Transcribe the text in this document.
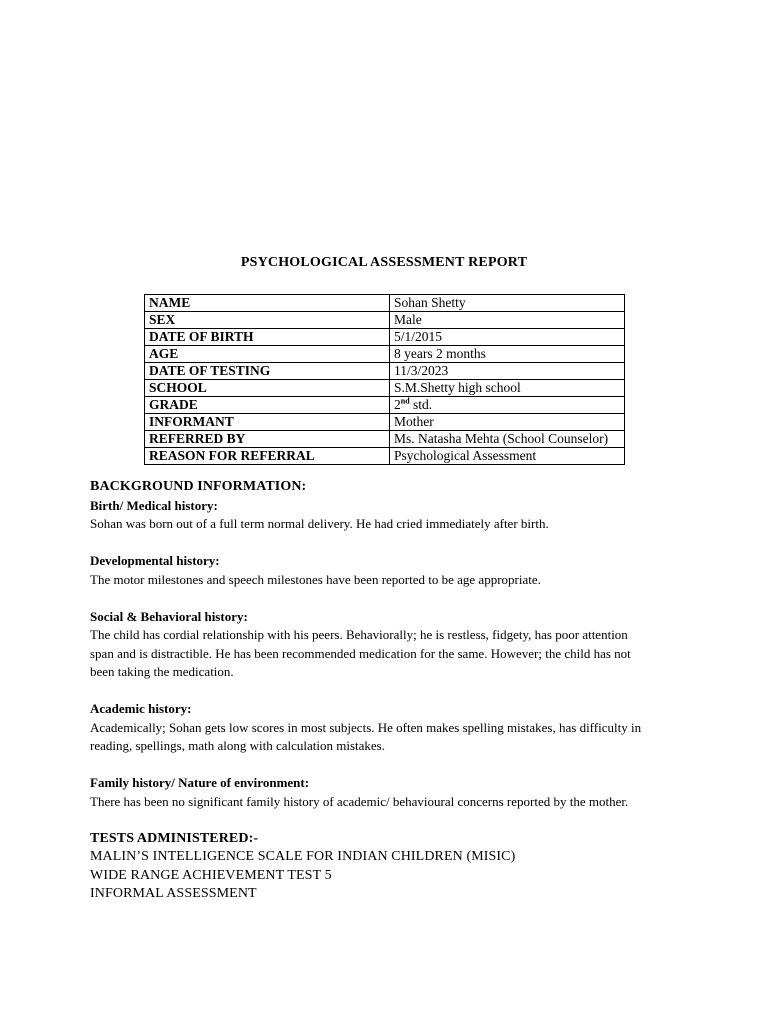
PSYCHOLOGICAL ASSESSMENT REPORT
NAME	Sohan Shetty
SEX	Male
DATE OF BIRTH	5/1/2015
AGE	8 years 2 months
DATE OF TESTING	11/3/2023
SCHOOL	S.M.Shetty high school
GRADE	2nd std.
INFORMANT	Mother
REFERRED BY	Ms. Natasha Mehta (School Counselor)
REASON FOR REFERRAL	Psychological Assessment

BACKGROUND INFORMATION:

Birth/ Medical history:

Sohan was born out of a full term normal delivery. He had cried immediately after birth.

Developmental history:

The motor milestones and speech milestones have been reported to be age appropriate.

Social & Behavioral history:

The child has cordial relationship with his peers. Behaviorally; he is restless, fidgety, has poor attention

span and is distractible. He has been recommended medication for the same. However; the child has not

been taking the medication.

Academic history:

Academically; Sohan gets low scores in most subjects. He often makes spelling mistakes, has difficulty in

reading, spellings, math along with calculation mistakes.

Family history/ Nature of environment:

There has been no significant family history of academic/ behavioural concerns reported by the mother.

TESTS ADMINISTERED:-

MALIN’S INTELLIGENCE SCALE FOR INDIAN CHILDREN (MISIC)

WIDE RANGE ACHIEVEMENT TEST 5

INFORMAL ASSESSMENT
